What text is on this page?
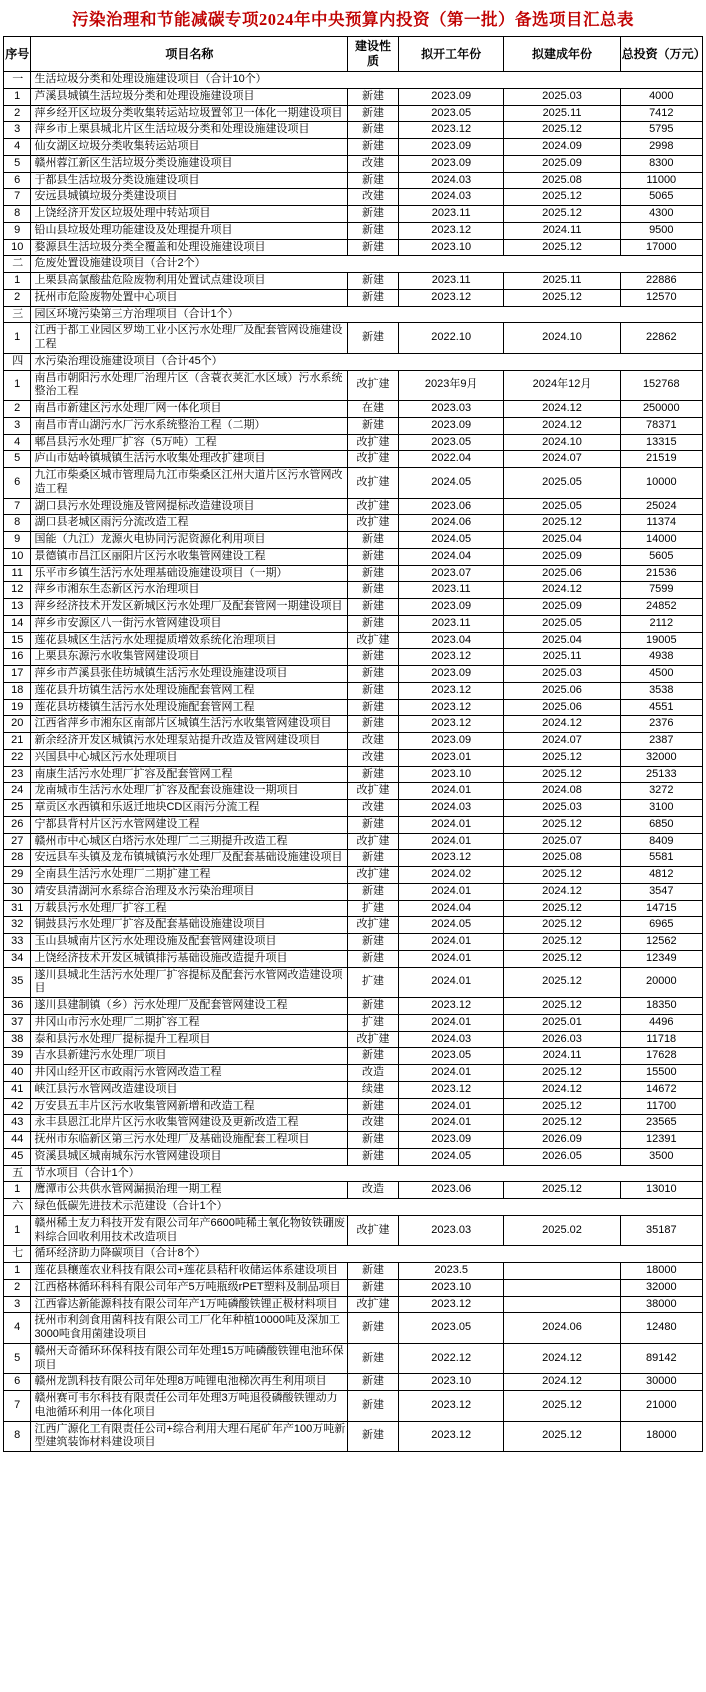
污染治理和节能减碳专项2024年中央预算内投资（第一批）备选项目汇总表
序号	项目名称	建设性质	拟开工年份	拟建成年份	总投资（万元）
一	生活垃圾分类和处理设施建设项目（合计10个）				
1	芦溪县城镇生活垃圾分类和处理设施建设项目	新建	2023.09	2025.03	4000
2	萍乡经开区垃圾分类收集转运站垃圾置邻卫一体化一期建设项目	新建	2023.05	2025.11	7412
3	萍乡市上栗县城北片区生活垃圾分类和处理设施建设项目	新建	2023.12	2025.12	5795
4	仙女湖区垃圾分类收集转运站项目	新建	2023.09	2024.09	2998
5	赣州蓉江新区生活垃圾分类设施建设项目	改建	2023.09	2025.09	8300
6	于都县生活垃圾分类设施建设项目	新建	2024.03	2025.08	11000
7	安远县城镇垃圾分类建设项目	改建	2024.03	2025.12	5065
8	上饶经济开发区垃圾处理中转站项目	新建	2023.11	2025.12	4300
9	铅山县垃圾处理功能建设及处理提升项目	新建	2023.12	2024.11	9500
10	婺源县生活垃圾分类全覆盖和处理设施建设项目	新建	2023.10	2025.12	17000
二	危废处置设施建设项目（合计2个）				
1	上栗县高氯酸盐危险废物利用处置试点建设项目	新建	2023.11	2025.11	22886
2	抚州市危险废物处置中心项目	新建	2023.12	2025.12	12570
三	园区环境污染第三方治理项目（合计1个）				
1	江西于都工业园区罗坳工业小区污水处理厂及配套管网设施建设工程	新建	2022.10	2024.10	22862
四	水污染治理设施建设项目（合计45个）				
1	南昌市朝阳污水处理厂治理片区（含蓑衣荚汇水区域）污水系统整治工程	改扩建	2023年9月	2024年12月	152768
2	南昌市新建区污水处理厂网一体化项目	在建	2023.03	2024.12	250000
3	南昌市青山湖污水厂污水系统整治工程（二期）	新建	2023.09	2024.12	78371
4	郫昌县污水处理厂扩容（5万吨）工程	改扩建	2023.05	2024.10	13315
5	庐山市姑岭镇城镇生活污水收集处理改扩建项目	改扩建	2022.04	2024.07	21519
6	九江市柴桑区城市管理局九江市柴桑区江州大道片区污水管网改造工程	改扩建	2024.05	2025.05	10000
7	湖口县污水处理设施及管网提标改造建设项目	改扩建	2023.06	2025.05	25024
8	湖口县老城区雨污分流改造工程	改扩建	2024.06	2025.12	11374
9	国能（九江）龙源火电协同污泥资源化利用项目	新建	2024.05	2025.04	14000
10	景德镇市昌江区丽阳片区污水收集管网建设工程	新建	2024.04	2025.09	5605
11	乐平市乡镇生活污水处理基础设施建设项目（一期）	新建	2023.07	2025.06	21536
12	萍乡市湘东生态新区污水治理项目	新建	2023.11	2024.12	7599
13	萍乡经济技术开发区新城区污水处理厂及配套管网一期建设项目	新建	2023.09	2025.09	24852
14	萍乡市安源区八一街污水管网建设项目	新建	2023.11	2025.05	2112
15	莲花县城区生活污水处理提质增效系统化治理项目	改扩建	2023.04	2025.04	19005
16	上栗县东源污水收集管网建设项目	新建	2023.12	2025.11	4938
17	萍乡市芦溪县张佳坊城镇生活污水处理设施建设项目	新建	2023.09	2025.03	4500
18	莲花县升坊镇生活污水处理设施配套管网工程	新建	2023.12	2025.06	3538
19	莲花县坊楼镇生活污水处理设施配套管网工程	新建	2023.12	2025.06	4551
20	江西省萍乡市湘东区南部片区城镇生活污水收集管网建设项目	新建	2023.12	2024.12	2376
21	新余经济开发区城镇污水处理泵站提升改造及管网建设项目	改建	2023.09	2024.07	2387
22	兴国县中心城区污水处理项目	改建	2023.01	2025.12	32000
23	南康生活污水处理厂扩容及配套管网工程	新建	2023.10	2025.12	25133
24	龙南城市生活污水处理厂扩容及配套设施建设一期项目	改扩建	2024.01	2024.08	3272
25	章贡区水西镇和乐返迁地块CD区雨污分流工程	改建	2024.03	2025.03	3100
26	宁都县背村片区污水管网建设工程	新建	2024.01	2025.12	6850
27	赣州市中心城区白塔污水处理厂二三期提升改造工程	改扩建	2024.01	2025.07	8409
28	安远县车头镇及龙布镇城镇污水处理厂及配套基础设施建设项目	新建	2023.12	2025.08	5581
29	全南县生活污水处理厂二期扩建工程	改扩建	2024.02	2025.12	4812
30	靖安县清湖河水系综合治理及水污染治理项目	新建	2024.01	2024.12	3547
31	万载县污水处理厂扩容工程	扩建	2024.04	2025.12	14715
32	铜鼓县污水处理厂扩容及配套基础设施建设项目	改扩建	2024.05	2025.12	6965
33	玉山县城南片区污水处理设施及配套管网建设项目	新建	2024.01	2025.12	12562
34	上饶经济技术开发区城镇排污基础设施改造提升项目	新建	2024.01	2025.12	12349
35	遂川县城北生活污水处理厂扩容提标及配套污水管网改造建设项目	扩建	2024.01	2025.12	20000
36	遂川县建制镇（乡）污水处理厂及配套管网建设工程	新建	2023.12	2025.12	18350
37	井冈山市污水处理厂二期扩容工程	扩建	2024.01	2025.01	4496
38	泰和县污水处理厂提标提升工程项目	改扩建	2024.03	2026.03	11718
39	吉水县新建污水处理厂项目	新建	2023.05	2024.11	17628
40	井冈山经开区市政雨污水管网改造工程	改造	2024.01	2025.12	15500
41	峡江县污水管网改造建设项目	续建	2023.12	2024.12	14672
42	万安县五丰片区污水收集管网新增和改造工程	新建	2024.01	2025.12	11700
43	永丰县恩江北岸片区污水收集管网建设及更新改造工程	改建	2024.01	2025.12	23565
44	抚州市东临新区第三污水处理厂及基础设施配套工程项目	新建	2023.09	2026.09	12391
45	资溪县城区城南城东污水管网建设项目	新建	2024.05	2026.05	3500
五	节水项目（合计1个）				
1	鹰潭市公共供水管网漏损治理一期工程	改造	2023.06	2025.12	13010
六	绿色低碳先进技术示范建设（合计1个）				
1	赣州稀土友力科技开发有限公司年产6600吨稀土氧化物钕铁硼废料综合回收利用技术改造项目	改扩建	2023.03	2025.02	35187
七	循环经济助力降碳项目（合计8个）				
1	莲花县穰莲农业科技有限公司+莲花县秸秆收储运体系建设项目	新建	2023.5		18000
2	江西格林循环科科有限公司年产5万吨瓶级rPET塑料及制品项目	新建	2023.10		32000
3	江西睿达新能源科技有限公司年产1万吨磷酸铁锂正极材料项目	改扩建	2023.12		38000
4	抚州市利剑食用菌科技有限公司工厂化年种植10000吨及深加工3000吨食用菌建设项目	新建	2023.05	2024.06	12480
5	赣州天奇循环环保科技有限公司年处理15万吨磷酸铁锂电池环保项目	新建	2022.12	2024.12	89142
6	赣州龙凯科技有限公司年处理8万吨锂电池梯次再生利用项目	新建	2023.10	2024.12	30000
7	赣州赛可韦尔科技有限责任公司年处理3万吨退役磷酸铁锂动力电池循环利用一体化项目	新建	2023.12	2025.12	21000
8	江西广源化工有限责任公司+综合利用大理石尾矿年产100万吨新型建筑装饰材料建设项目	新建	2023.12	2025.12	18000
